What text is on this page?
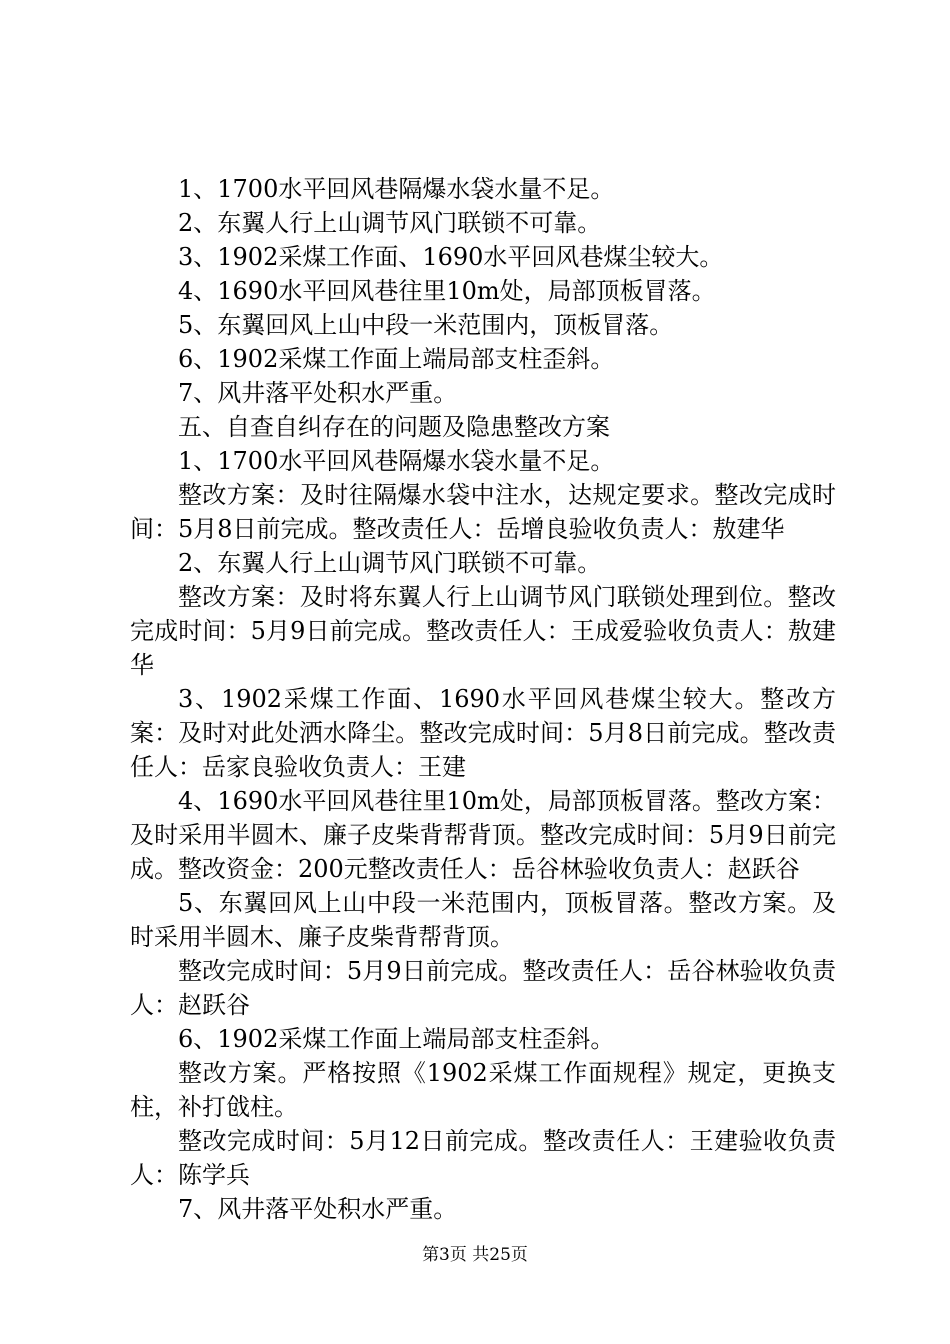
1、1700水平回风巷隔爆水袋水量不足。

2、东翼人行上山调节风门联锁不可靠。

3、1902采煤工作面、1690水平回风巷煤尘较大。

4、1690水平回风巷往里10m处，局部顶板冒落。

5、东翼回风上山中段一米范围内，顶板冒落。

6、1902采煤工作面上端局部支柱歪斜。

7、风井落平处积水严重。

五、自查自纠存在的问题及隐患整改方案

1、1700水平回风巷隔爆水袋水量不足。

整改方案：及时往隔爆水袋中注水，达规定要求。整改完成时间：5月8日前完成。整改责任人：岳增良验收负责人：敖建华

2、东翼人行上山调节风门联锁不可靠。

整改方案：及时将东翼人行上山调节风门联锁处理到位。整改完成时间：5月9日前完成。整改责任人：王成爱验收负责人：敖建华

3、1902采煤工作面、1690水平回风巷煤尘较大。整改方案：及时对此处洒水降尘。整改完成时间：5月8日前完成。整改责任人：岳家良验收负责人：王建

4、1690水平回风巷往里10m处，局部顶板冒落。整改方案：及时采用半圆木、廉子皮柴背帮背顶。整改完成时间：5月9日前完成。整改资金：200元整改责任人：岳谷林验收负责人：赵跃谷

5、东翼回风上山中段一米范围内，顶板冒落。整改方案。及时采用半圆木、廉子皮柴背帮背顶。

整改完成时间：5月9日前完成。整改责任人：岳谷林验收负责人：赵跃谷

6、1902采煤工作面上端局部支柱歪斜。

整改方案。严格按照《1902采煤工作面规程》规定，更换支柱，补打戗柱。

整改完成时间：5月12日前完成。整改责任人：王建验收负责人：陈学兵

7、风井落平处积水严重。

第3页 共25页
